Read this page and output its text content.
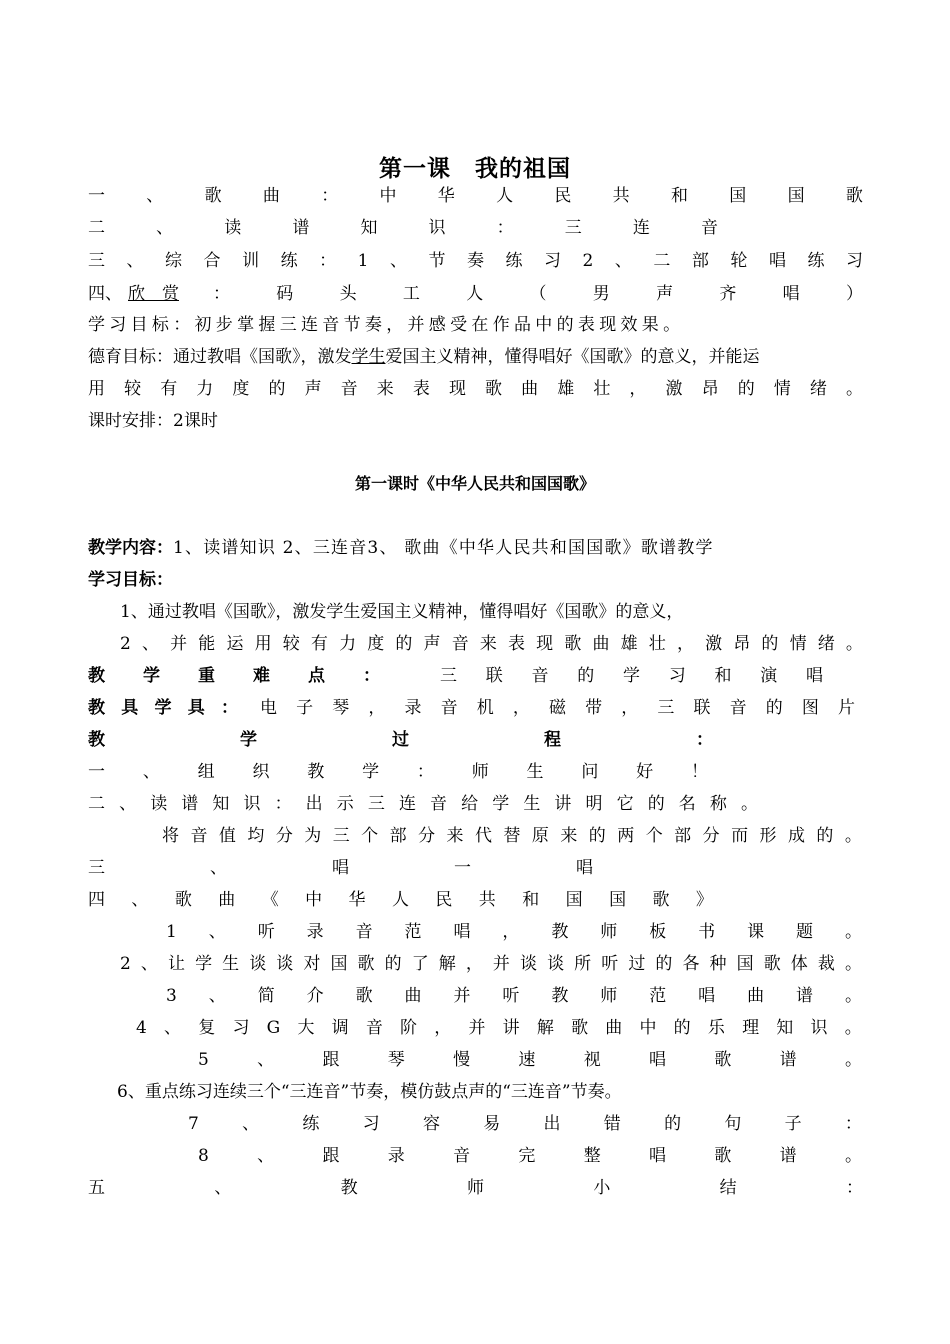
第一课　我的祖国
一 、 歌 曲 ： 中 华 人 民 共 和 国 国 歌
二	、	读	谱	知	识	：	三	连	音
三 、 综 合 训 练 ： 1 、 节 奏 练 习 2 、 二 部 轮 唱 练 习
四 、 欣　赏	：	码	头	工	人	（	男	声	齐	唱	）
学习目标：初步掌握三连音节奏，并感受在作品中的表现效果。
德育目标：通过教唱《国歌》，激发学生爱国主义精神，懂得唱好《国歌》的意义，并能运
用 较 有 力 度 的 声 音 来 表 现 歌 曲 雄 壮 ， 激 昂 的 情 绪 。
课时安排：2课时
第一课时《中华人民共和国国歌》
教学内容：1、读谱知识 2、三连音3、 歌曲《中华人民共和国国歌》歌谱教学
学习目标：
1、通过教唱《国歌》，激发学生爱国主义精神，懂得唱好《国歌》的意义，
2 、 并 能 运 用 较 有 力 度 的 声 音 来 表 现 歌 曲 雄 壮 ， 激 昂 的 情 绪 。
教 学 重 难 点 ：	三 联 音 的 学 习 和 演 唱
教 具 学 具 ： 电 子 琴 ， 录 音 机 ， 磁 带 ， 三 联 音 的 图 片
教	学	过	程	：
一 、 组 织 教 学 ： 师 生 问 好 ！
二 、 读 谱 知 识 ： 出 示 三 连 音 给 学 生 讲 明 它 的 名 称 。
将 音 值 均 分 为 三 个 部 分 来 代 替 原 来 的 两 个 部 分 而 形 成 的 。
三	、	唱	一	唱
四 、 歌 曲 《 中 华 人 民 共 和 国 国 歌 》
1 、 听 录 音 范 唱 ， 教 师 板 书 课 题 。
2 、 让 学 生 谈 谈 对 国 歌 的 了 解 ， 并 谈 谈 所 听 过 的 各 种 国 歌 体 裁 。
3 、 简 介 歌 曲 并 听 教 师 范 唱 曲 谱 。
4 、 复 习 G 大 调 音 阶 ， 并 讲 解 歌 曲 中 的 乐 理 知 识 。
5	、	跟	琴	慢	速	视	唱	歌	谱	。
6、重点练习连续三个“三连音”节奏，模仿鼓点声的“三连音”节奏。
7	、	练	习	容	易	出	错	的	句	子	：
8	、	跟	录	音	完	整	唱	歌	谱	。
五	、	教	师	小	结	：
